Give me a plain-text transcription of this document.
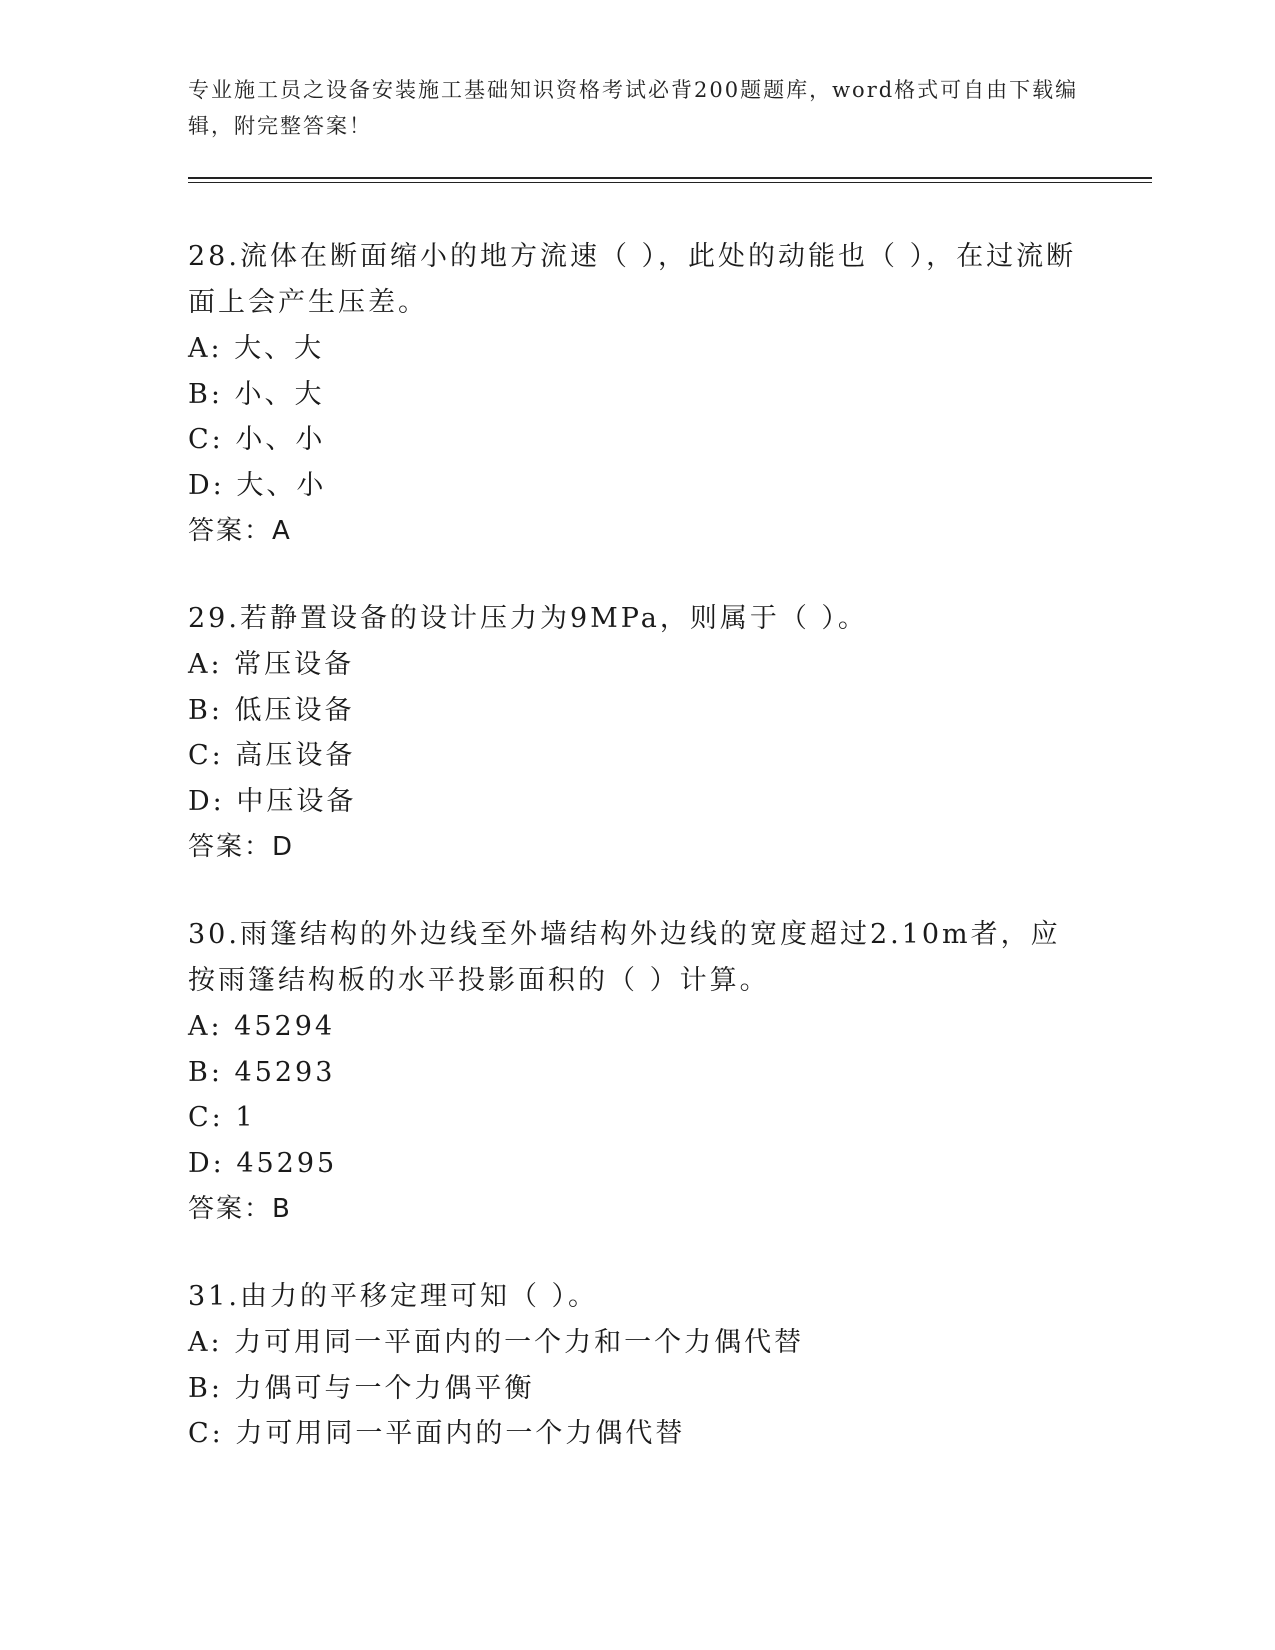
专业施工员之设备安装施工基础知识资格考试必背200题题库，word格式可自由下载编辑，附完整答案！
28.流体在断面缩小的地方流速（ ），此处的动能也（ ），在过流断面上会产生压差。
A: 大、大
B: 小、大
C: 小、小
D: 大、小
答案：A
29.若静置设备的设计压力为9MPa，则属于（ ）。
A: 常压设备
B: 低压设备
C: 高压设备
D: 中压设备
答案：D
30.雨篷结构的外边线至外墙结构外边线的宽度超过2.10m者，应按雨篷结构板的水平投影面积的（ ）计算。
A: 45294
B: 45293
C: 1
D: 45295
答案：B
31.由力的平移定理可知（ ）。
A: 力可用同一平面内的一个力和一个力偶代替
B: 力偶可与一个力偶平衡
C: 力可用同一平面内的一个力偶代替
